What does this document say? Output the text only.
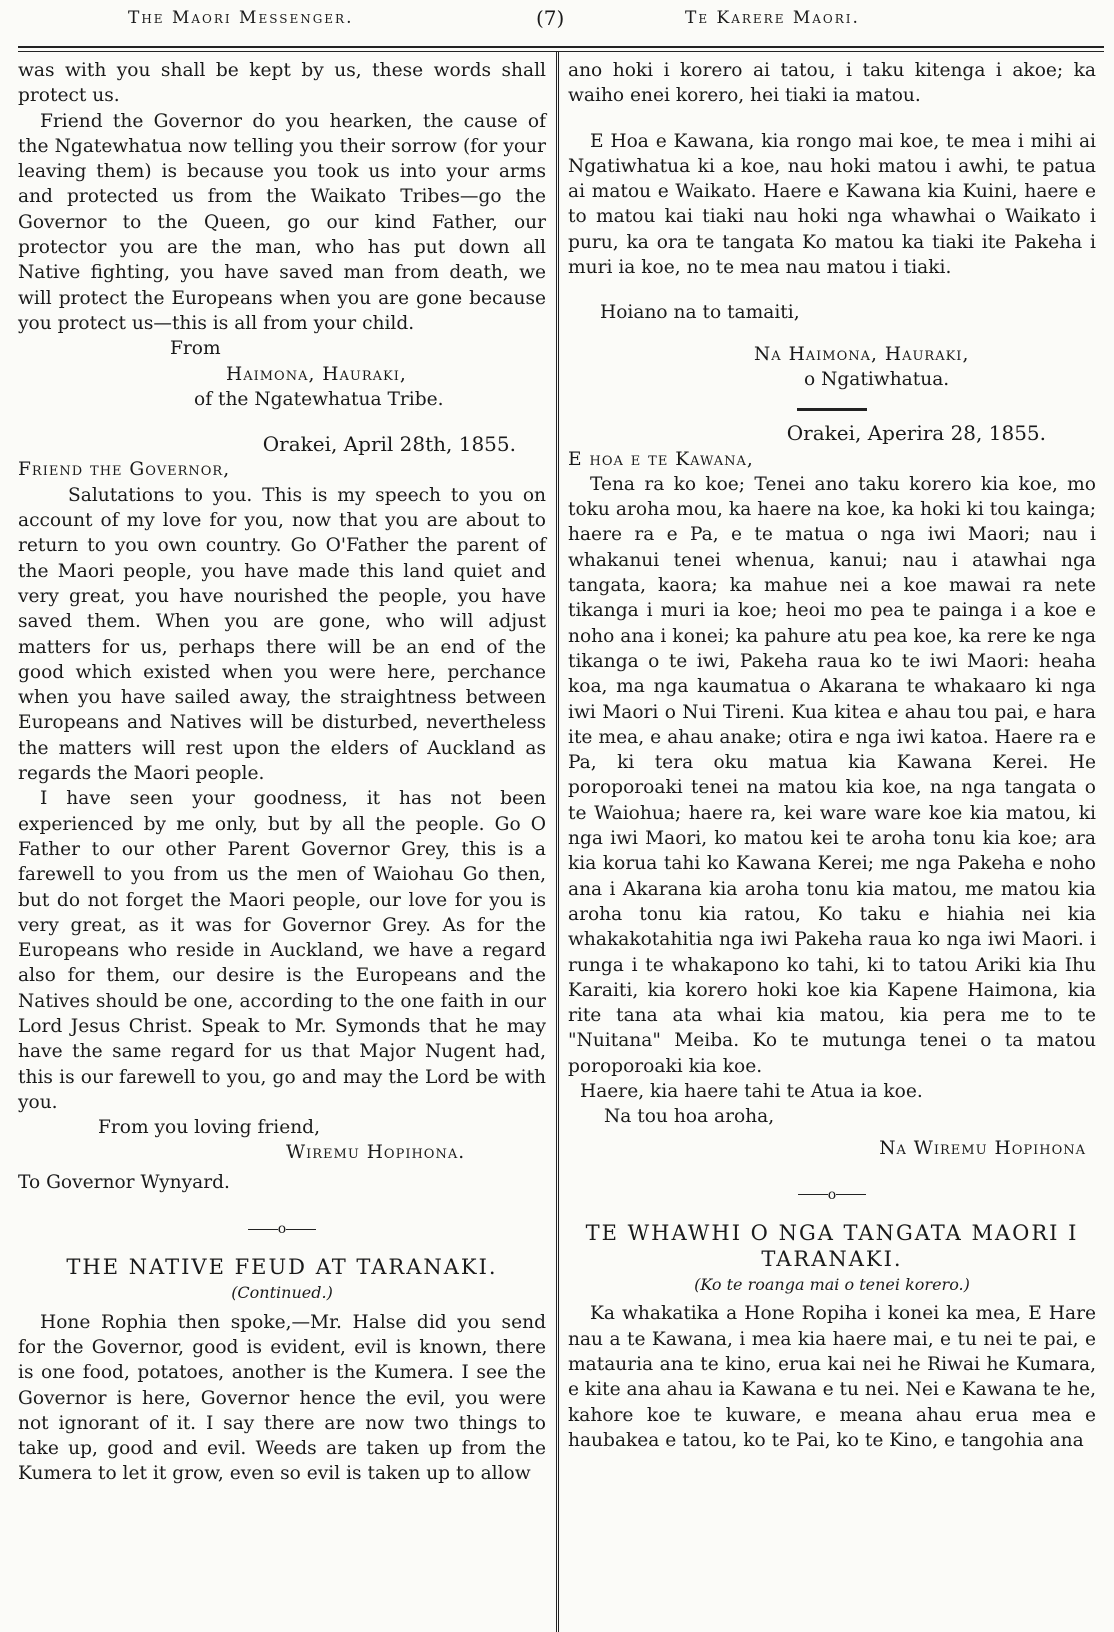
The Maori Messenger.	(7)	Te Karere Maori.

was with you shall be kept by us, these words shall protect us.

Friend the Governor do you hearken, the cause of the Ngatewhatua now telling you their sorrow (for your leaving them) is because you took us into your arms and protected us from the Waikato Tribes—go the Governor to the Queen, go our kind Father, our protector you are the man, who has put down all Native fighting, you have saved man from death, we will protect the Europeans when you are gone because you protect us—this is all from your child.

From

Haimona, Hauraki,

of the Ngatewhatua Tribe.

Orakei, April 28th, 1855.

Friend the Governor,

Salutations to you. This is my speech to you on account of my love for you, now that you are about to return to you own country. Go O'Father the parent of the Maori people, you have made this land quiet and very great, you have nourished the people, you have saved them. When you are gone, who will adjust matters for us, perhaps there will be an end of the good which existed when you were here, perchance when you have sailed away, the straightness between Europeans and Natives will be disturbed, nevertheless the matters will rest upon the elders of Auckland as regards the Maori people.

I have seen your goodness, it has not been experienced by me only, but by all the people. Go O Father to our other Parent Governor Grey, this is a farewell to you from us the men of Waiohau Go then, but do not forget the Maori people, our love for you is very great, as it was for Governor Grey. As for the Europeans who reside in Auckland, we have a regard also for them, our desire is the Europeans and the Natives should be one, according to the one faith in our Lord Jesus Christ. Speak to Mr. Symonds that he may have the same regard for us that Major Nugent had, this is our farewell to you, go and may the Lord be with you.

From you loving friend,

Wiremu Hopihona.

To Governor Wynyard.

o

THE NATIVE FEUD AT TARANAKI.

(Continued.)

Hone Rophia then spoke,—Mr. Halse did you send for the Governor, good is evident, evil is known, there is one food, potatoes, another is the Kumera. I see the Governor is here, Governor hence the evil, you were not ignorant of it. I say there are now two things to take up, good and evil. Weeds are taken up from the Kumera to let it grow, even so evil is taken up to allow

ano hoki i korero ai tatou, i taku kitenga i akoe; ka waiho enei korero, hei tiaki ia matou.

E Hoa e Kawana, kia rongo mai koe, te mea i mihi ai Ngatiwhatua ki a koe, nau hoki matou i awhi, te patua ai matou e Waikato. Haere e Kawana kia Kuini, haere e to matou kai tiaki nau hoki nga whawhai o Waikato i puru, ka ora te tangata Ko matou ka tiaki ite Pakeha i muri ia koe, no te mea nau matou i tiaki.

Hoiano na to tamaiti,

Na Haimona, Hauraki,

o Ngatiwhatua.

Orakei, Aperira 28, 1855.

E hoa e te Kawana,

Tena ra ko koe; Tenei ano taku korero kia koe, mo toku aroha mou, ka haere na koe, ka hoki ki tou kainga; haere ra e Pa, e te matua o nga iwi Maori; nau i whakanui tenei whenua, kanui; nau i atawhai nga tangata, kaora; ka mahue nei a koe mawai ra nete tikanga i muri ia koe; heoi mo pea te painga i a koe e noho ana i konei; ka pahure atu pea koe, ka rere ke nga tikanga o te iwi, Pakeha raua ko te iwi Maori: heaha koa, ma nga kaumatua o Akarana te whakaaro ki nga iwi Maori o Nui Tireni. Kua kitea e ahau tou pai, e hara ite mea, e ahau anake; otira e nga iwi katoa. Haere ra e Pa, ki tera oku matua kia Kawana Kerei. He poroporoaki tenei na matou kia koe, na nga tangata o te Waiohua; haere ra, kei ware ware koe kia matou, ki nga iwi Maori, ko matou kei te aroha tonu kia koe; ara kia korua tahi ko Kawana Kerei; me nga Pakeha e noho ana i Akarana kia aroha tonu kia matou, me matou kia aroha tonu kia ratou, Ko taku e hiahia nei kia whakakotahitia nga iwi Pakeha raua ko nga iwi Maori. i runga i te whakapono ko tahi, ki to tatou Ariki kia Ihu Karaiti, kia korero hoki koe kia Kapene Haimona, kia rite tana ata whai kia matou, kia pera me to te "Nuitana" Meiba. Ko te mutunga tenei o ta matou poroporoaki kia koe.

Haere, kia haere tahi te Atua ia koe.

Na tou hoa aroha,

Na Wiremu Hopihona

o

TE WHAWHI O NGA TANGATA MAORI I TARANAKI.

(Ko te roanga mai o tenei korero.)

Ka whakatika a Hone Ropiha i konei ka mea, E Hare nau a te Kawana, i mea kia haere mai, e tu nei te pai, e matauria ana te kino, erua kai nei he Riwai he Kumara, e kite ana ahau ia Kawana e tu nei. Nei e Kawana te he, kahore koe te kuware, e meana ahau erua mea e haubakea e tatou, ko te Pai, ko te Kino, e tangohia ana
